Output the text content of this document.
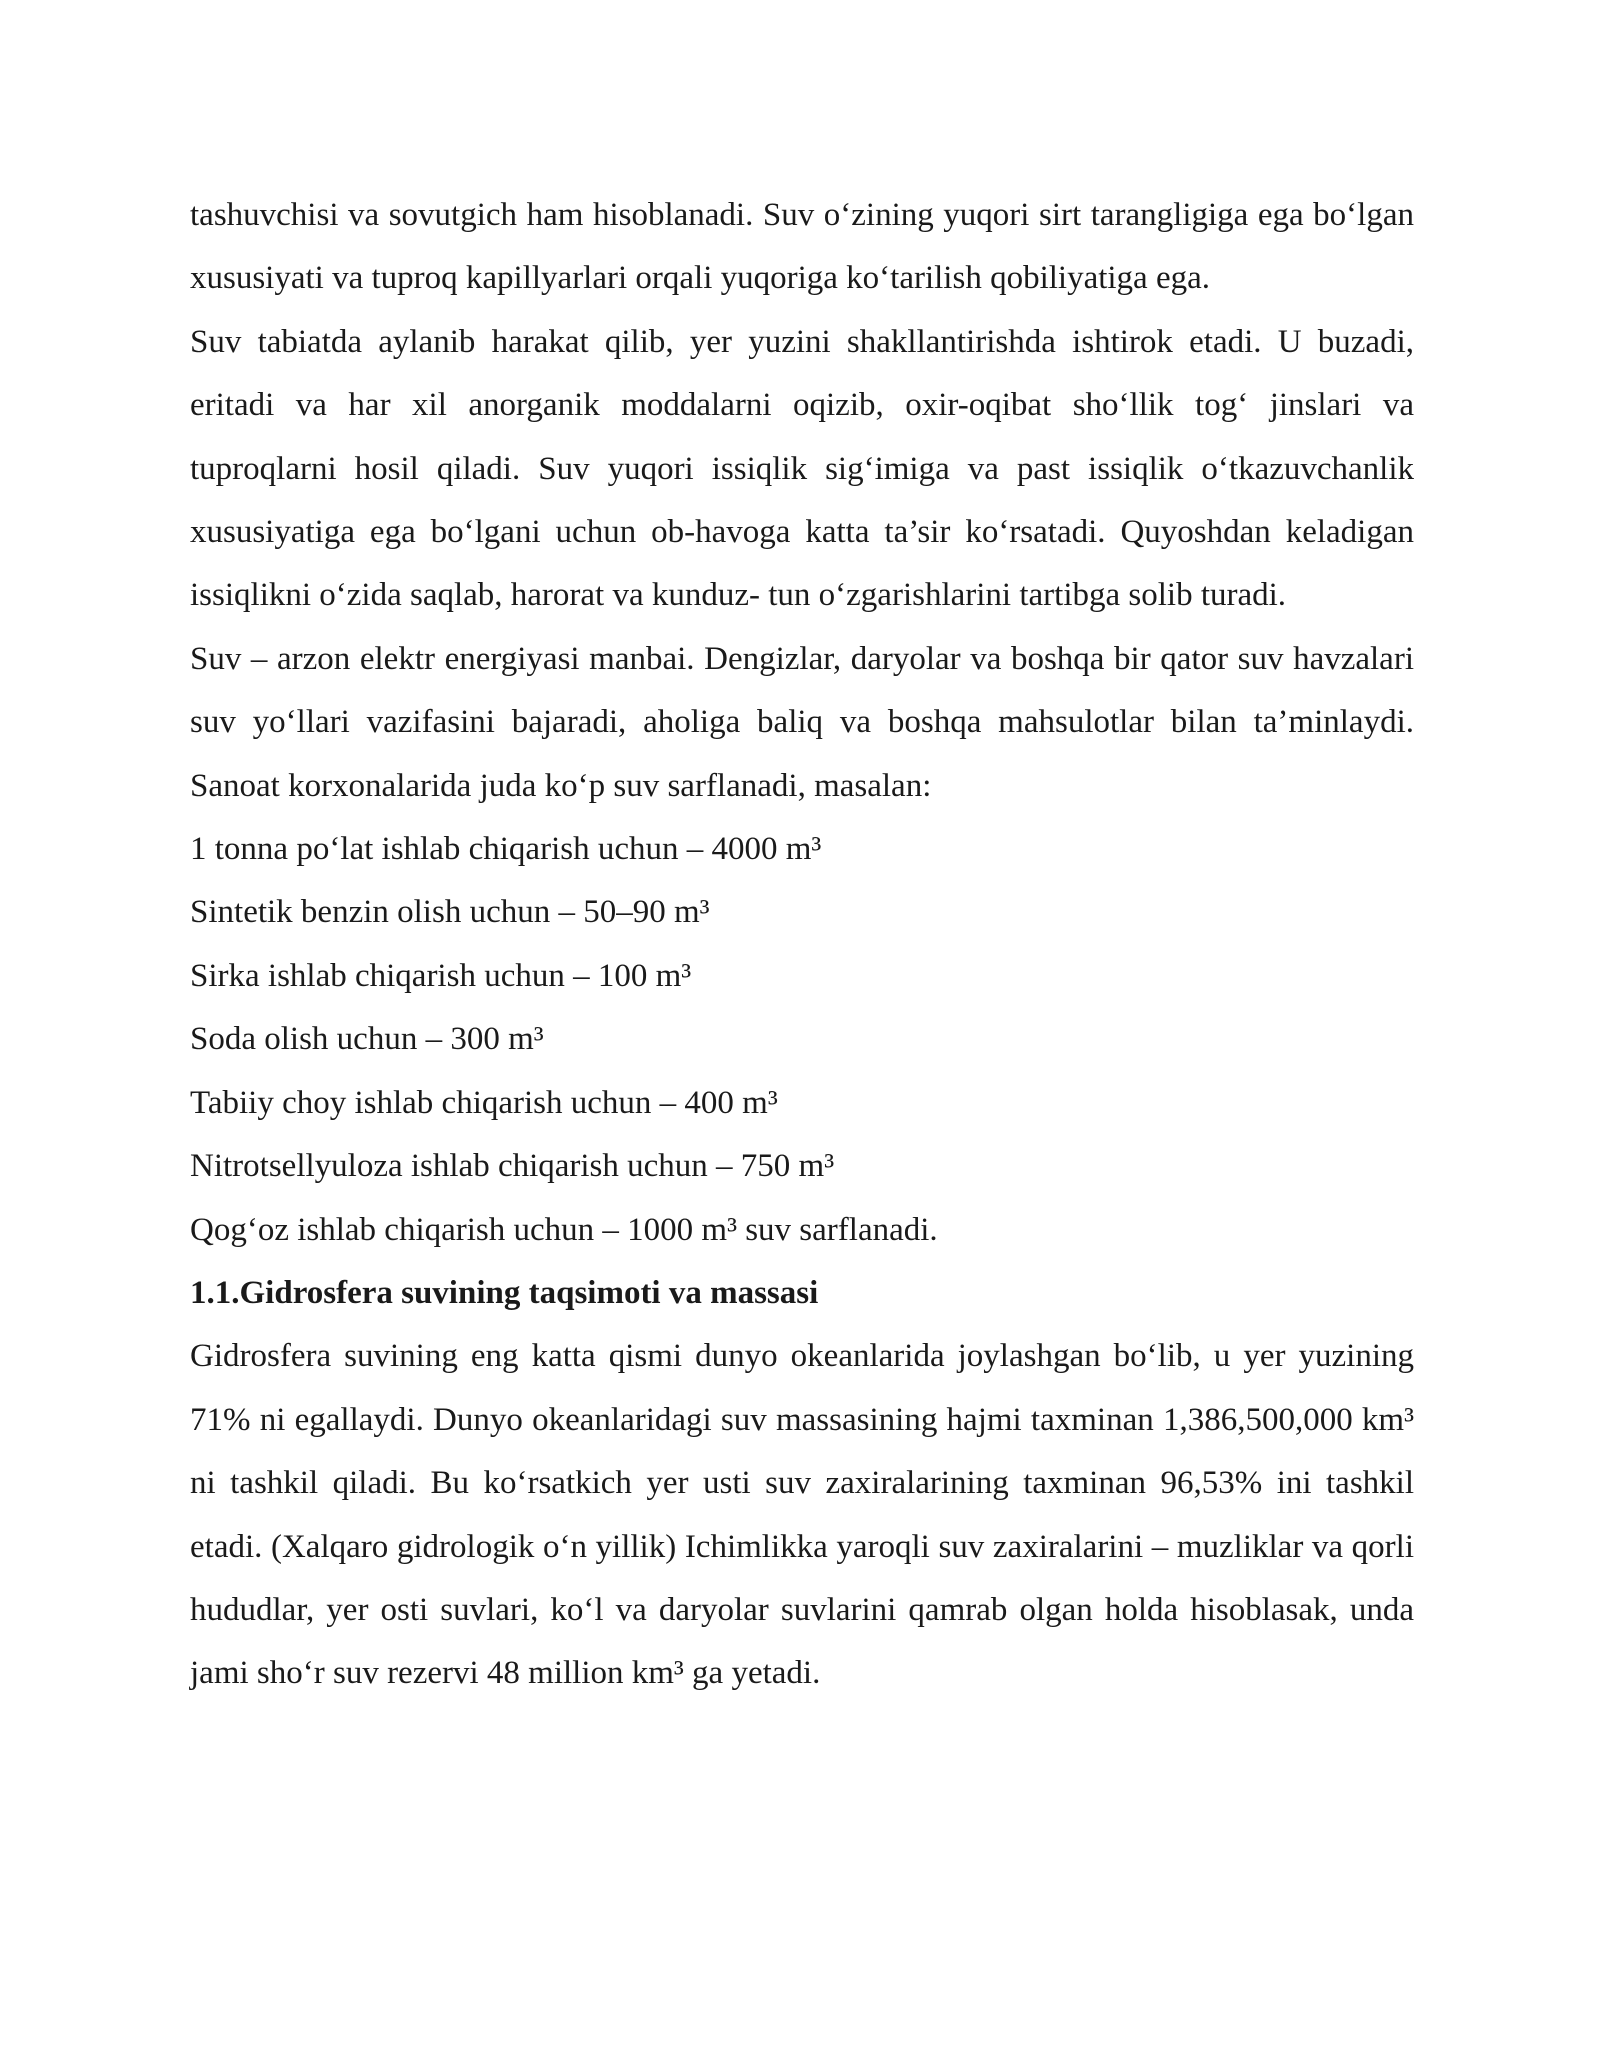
tashuvchisi va sovutgich ham hisoblanadi. Suv o‘zining yuqori sirt tarangligiga ega bo‘lgan xususiyati va tuproq kapillyarlari orqali yuqoriga ko‘tarilish qobiliyatiga ega.

Suv tabiatda aylanib harakat qilib, yer yuzini shakllantirishda ishtirok etadi. U buzadi, eritadi va har xil anorganik moddalarni oqizib, oxir-oqibat sho‘llik tog‘ jinslari va tuproqlarni hosil qiladi. Suv yuqori issiqlik sig‘imiga va past issiqlik o‘tkazuvchanlik xususiyatiga ega bo‘lgani uchun ob-havoga katta ta’sir ko‘rsatadi. Quyoshdan keladigan issiqlikni o‘zida saqlab, harorat va kunduz- tun o‘zgarishlarini tartibga solib turadi.

Suv – arzon elektr energiyasi manbai. Dengizlar, daryolar va boshqa bir qator suv havzalari suv yo‘llari vazifasini bajaradi, aholiga baliq va boshqa mahsulotlar bilan ta’minlaydi. Sanoat korxonalarida juda ko‘p suv sarflanadi, masalan:

1 tonna po‘lat ishlab chiqarish uchun – 4000 m³

Sintetik benzin olish uchun – 50–90 m³

Sirka ishlab chiqarish uchun – 100 m³

Soda olish uchun – 300 m³

Tabiiy choy ishlab chiqarish uchun – 400 m³

Nitrotsellyuloza ishlab chiqarish uchun – 750 m³

Qog‘oz ishlab chiqarish uchun – 1000 m³ suv sarflanadi.

1.1.Gidrosfera suvining taqsimoti va massasi

Gidrosfera suvining eng katta qismi dunyo okeanlarida joylashgan bo‘lib, u yer yuzining 71% ni egallaydi. Dunyo okeanlaridagi suv massasining hajmi taxminan 1,386,500,000 km³ ni tashkil qiladi. Bu ko‘rsatkich yer usti suv zaxiralarining taxminan 96,53% ini tashkil etadi. (Xalqaro gidrologik o‘n yillik) Ichimlikka yaroqli suv zaxiralarini – muzliklar va qorli hududlar, yer osti suvlari, ko‘l va daryolar suvlarini qamrab olgan holda hisoblasak, unda jami sho‘r suv rezervi 48 million km³ ga yetadi.
